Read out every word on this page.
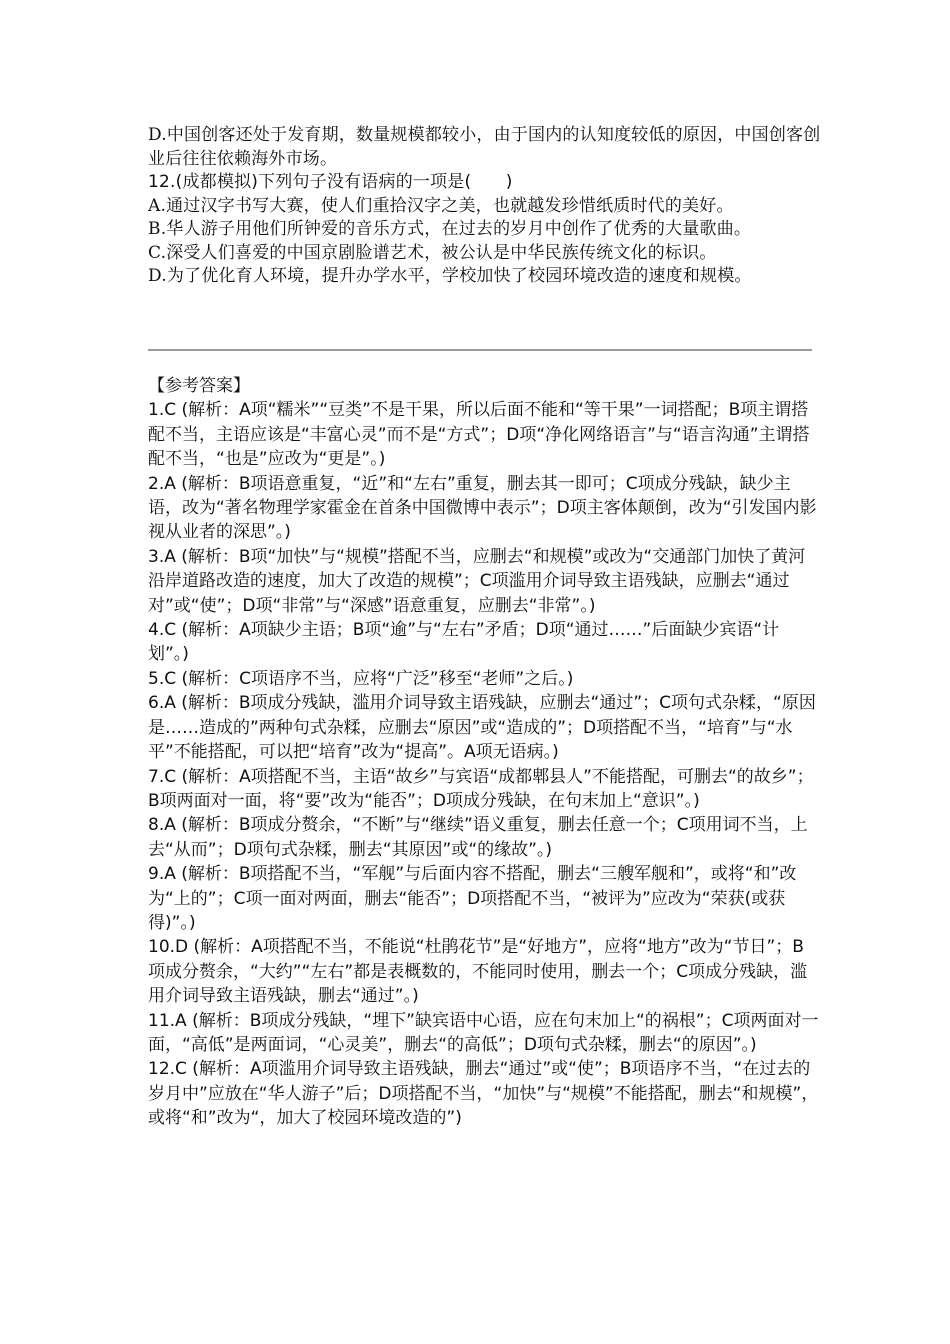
D.中国创客还处于发育期，数量规模都较小，由于国内的认知度较低的原因，中国创客创业后往往依赖海外市场。

12.(成都模拟)下列句子没有语病的一项是(　　)

A.通过汉字书写大赛，使人们重拾汉字之美，也就越发珍惜纸质时代的美好。

B.华人游子用他们所钟爱的音乐方式，在过去的岁月中创作了优秀的大量歌曲。

C.深受人们喜爱的中国京剧脸谱艺术，被公认是中华民族传统文化的标识。

D.为了优化育人环境，提升办学水平，学校加快了校园环境改造的速度和规模。

【参考答案】

1.C (解析：A项“糯米”“豆类”不是干果，所以后面不能和“等干果”一词搭配；B项主谓搭配不当，主语应该是“丰富心灵”而不是“方式”；D项“净化网络语言”与“语言沟通”主谓搭配不当，“也是”应改为“更是”。)

2.A (解析：B项语意重复，“近”和“左右”重复，删去其一即可；C项成分残缺，缺少主语，改为“著名物理学家霍金在首条中国微博中表示”；D项主客体颠倒，改为“引发国内影视从业者的深思”。)

3.A (解析：B项“加快”与“规模”搭配不当，应删去“和规模”或改为“交通部门加快了黄河沿岸道路改造的速度，加大了改造的规模”；C项滥用介词导致主语残缺，应删去“通过对”或“使”；D项“非常”与“深感”语意重复，应删去“非常”。)

4.C (解析：A项缺少主语；B项“逾”与“左右”矛盾；D项“通过……”后面缺少宾语“计划”。)

5.C (解析：C项语序不当，应将“广泛”移至“老师”之后。)

6.A (解析：B项成分残缺，滥用介词导致主语残缺，应删去“通过”；C项句式杂糅，“原因是……造成的”两种句式杂糅，应删去“原因”或“造成的”；D项搭配不当，“培育”与“水平”不能搭配，可以把“培育”改为“提高”。A项无语病。)

7.C (解析：A项搭配不当，主语“故乡”与宾语“成都郫县人”不能搭配，可删去“的故乡”；B项两面对一面，将“要”改为“能否”；D项成分残缺，在句末加上“意识”。)

8.A (解析：B项成分赘余，“不断”与“继续”语义重复，删去任意一个；C项用词不当，上去“从而”；D项句式杂糅，删去“其原因”或“的缘故”。)

9.A (解析：B项搭配不当，“军舰”与后面内容不搭配，删去“三艘军舰和”，或将“和”改为“上的”；C项一面对两面，删去“能否”；D项搭配不当，“被评为”应改为“荣获(或获得)”。)

10.D (解析：A项搭配不当，不能说“杜鹃花节”是“好地方”，应将“地方”改为“节日”；B项成分赘余，“大约”“左右”都是表概数的，不能同时使用，删去一个；C项成分残缺，滥用介词导致主语残缺，删去“通过”。)

11.A (解析：B项成分残缺，“埋下”缺宾语中心语，应在句末加上“的祸根”；C项两面对一面，“高低”是两面词，“心灵美”，删去“的高低”；D项句式杂糅，删去“的原因”。)

12.C (解析：A项滥用介词导致主语残缺，删去“通过”或“使”；B项语序不当，“在过去的岁月中”应放在“华人游子”后；D项搭配不当，“加快”与“规模”不能搭配，删去“和规模”，或将“和”改为“，加大了校园环境改造的”)
